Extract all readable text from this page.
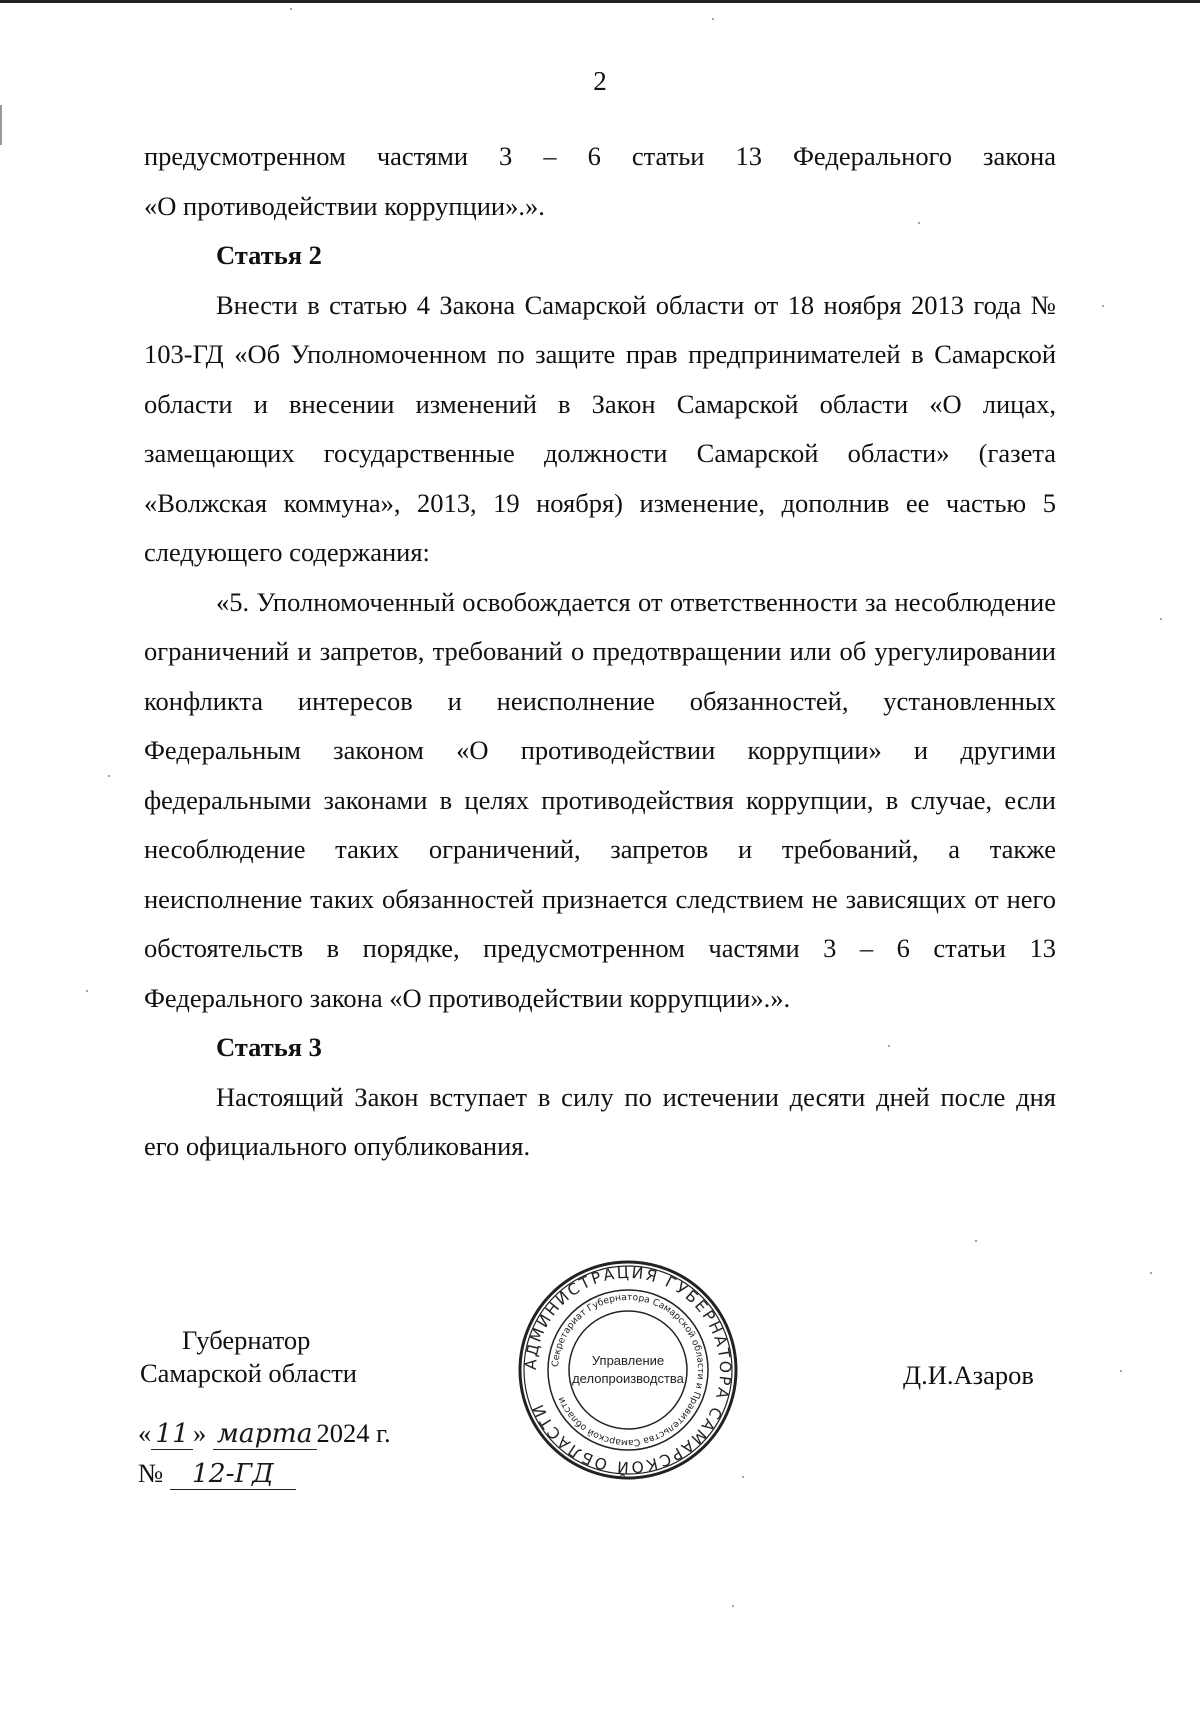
2

предусмотренном частями 3 – 6 статьи 13 Федерального закона

«О противодействии коррупции».».

Статья 2

Внести в статью 4 Закона Самарской области от 18 ноября 2013 года № 103-ГД «Об Уполномоченном по защите прав предпринимателей в Самарской области и внесении изменений в Закон Самарской области «О лицах, замещающих государственные должности Самарской области» (газета «Волжская коммуна», 2013, 19 ноября) изменение, дополнив ее частью 5 следующего содержания:

«5. Уполномоченный освобождается от ответственности за несоблюдение ограничений и запретов, требований о предотвращении или об урегулировании конфликта интересов и неисполнение обязанностей, установленных Федеральным законом «О противодействии коррупции» и другими федеральными законами в целях противодействия коррупции, в случае, если несоблюдение таких ограничений, запретов и требований, а также неисполнение таких обязанностей признается следствием не зависящих от него обстоятельств в порядке, предусмотренном частями 3 – 6 статьи 13 Федерального закона «О противодействии коррупции».».

Статья 3

Настоящий Закон вступает в силу по истечении десяти дней после дня его официального опубликования.

Губернатор
Самарской области	АДМИНИСТРАЦИЯ ГУБЕРНАТОРА САМАРСКОЙ ОБЛАСТИ
Секретариат Губернатора Самарской области и Правительства Самарской области
Управление
делопроизводства	Д.И.Азаров
« 11 » марта 2024 г.
№ 12-ГД
